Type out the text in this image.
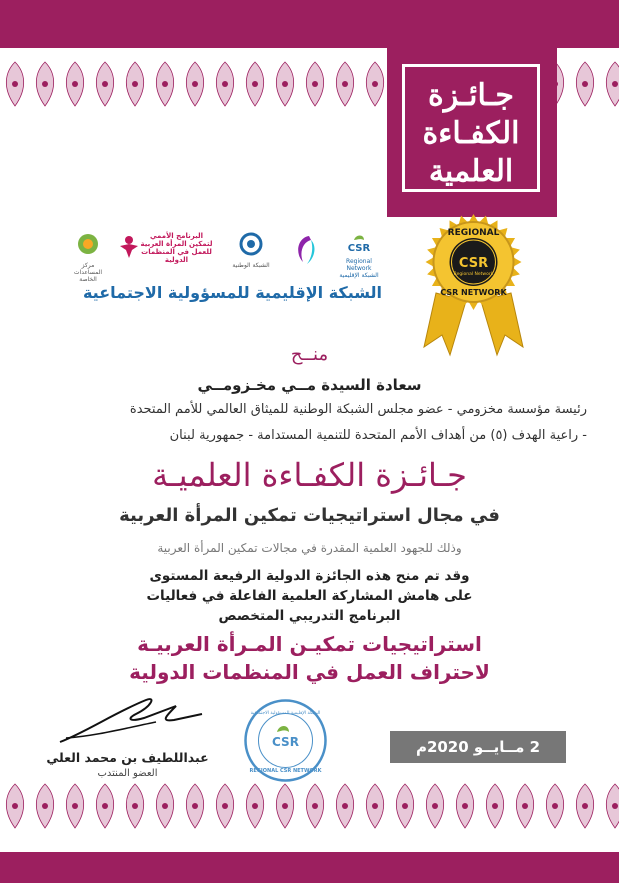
جـائـزة
الكفـاءة
العلمية
REGIONAL
CSR
Regional Network
CSR NETWORK
مركز المساعدات الخاصة
البرنامج الأممي لتمكين المرأة العربية للعمل في المنظمات الدولية
الشبكة الوطنية
CSR
Regional Network الشبكة الإقليمية
الشبكة الإقليمية للمسؤولية الاجتماعية
منــح
سعادة السيدة مــي مخـزومــي
رئيسة مؤسسة مخزومي - عضو مجلس الشبكة الوطنية للميثاق العالمي للأمم المتحدة
- راعية الهدف (٥) من أهداف الأمم المتحدة للتنمية المستدامة - جمهورية لبنان
جـائـزة الكفـاءة العلميـة
في مجال استراتيجيات تمكين المرأة العربية
وذلك للجهود العلمية المقدرة في مجالات تمكين المرأة العربية
وقد تم منح هذه الجائزة الدولية الرفيعة المستوى
على هامش المشاركة العلمية الفاعلة في فعاليات
البرنامج التدريبي المتخصص
استراتيجيات تمكيـن المـرأة العربيـة
لاحتراف العمل في المنظمات الدولية
عبداللطيف بن محمد العلي
العضو المنتدب
CSR
REGIONAL CSR NETWORK
الشبكة الإقليمية للمسؤولية الاجتماعية
2 مــايــو 2020م
